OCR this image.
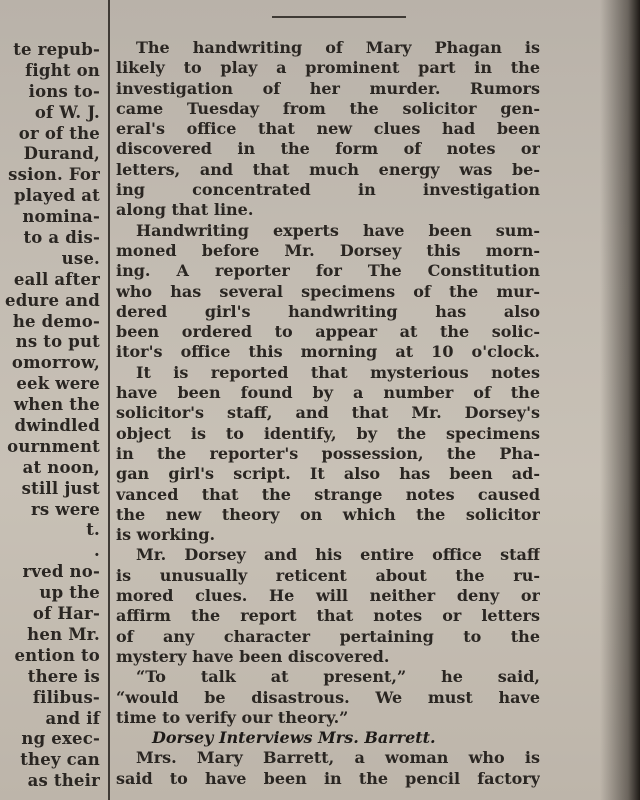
te repub-
fight on
ions to-
of W. J.
or of the
Durand,
ssion. For
played at
nomina-
to a dis-
use.
eall after
edure and
he demo-
ns to put
omorrow,
eek were
when the
dwindled
ournment
at noon,
still just
rs were
t.
.
rved no-
up the
of Har-
hen Mr.
ention to
there is
filibus-
and if
ng exec-
they can
as their
The handwriting of Mary Phagan is
likely to play a prominent part in the
investigation of her murder. Rumors
came Tuesday from the solicitor gen-
eral's office that new clues had been
discovered in the form of notes or
letters, and that much energy was be-
ing concentrated in investigation
along that line.
Handwriting experts have been sum-
moned before Mr. Dorsey this morn-
ing. A reporter for The Constitution
who has several specimens of the mur-
dered girl's handwriting has also
been ordered to appear at the solic-
itor's office this morning at 10 o'clock.
It is reported that mysterious notes
have been found by a number of the
solicitor's staff, and that Mr. Dorsey's
object is to identify, by the specimens
in the reporter's possession, the Pha-
gan girl's script. It also has been ad-
vanced that the strange notes caused
the new theory on which the solicitor
is working.
Mr. Dorsey and his entire office staff
is unusually reticent about the ru-
mored clues. He will neither deny or
affirm the report that notes or letters
of any character pertaining to the
mystery have been discovered.
“To talk at present,” he said,
“would be disastrous. We must have
time to verify our theory.”
Dorsey Interviews Mrs. Barrett.
Mrs. Mary Barrett, a woman who is
said to have been in the pencil factory
